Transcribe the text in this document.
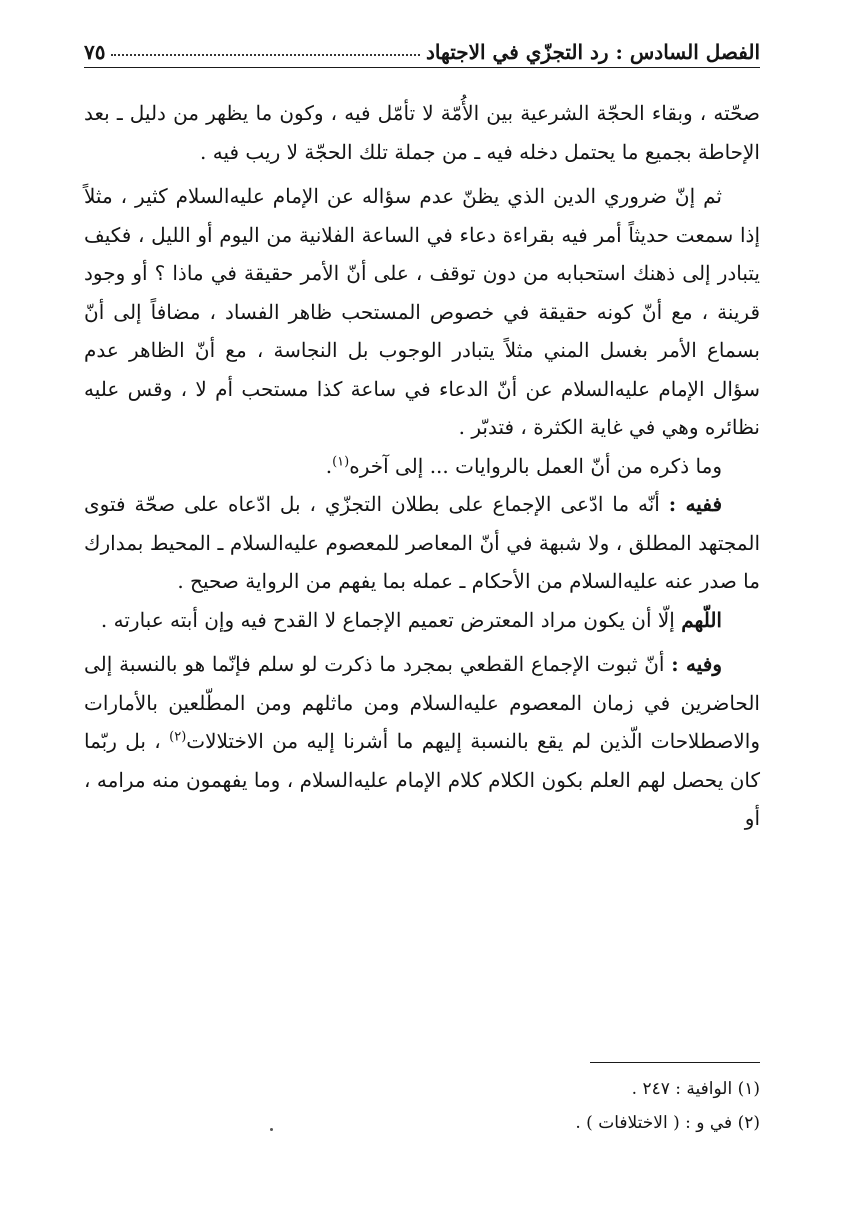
الفصل السادس : رد التجزّي في الاجتهاد
٧٥

صحّته ، وبقاء الحجّة الشرعية بين الأُمّة لا تأمّل فيه ، وكون ما يظهر من دليل ـ بعد الإحاطة بجميع ما يحتمل دخله فيه ـ من جملة تلك الحجّة لا ريب فيه .

ثم إنّ ضروري الدين الذي يظنّ عدم سؤاله عن الإمام عليه‌السلام كثير ، مثلاً إذا سمعت حديثاً أمر فيه بقراءة دعاء في الساعة الفلانية من اليوم أو الليل ، فكيف يتبادر إلى ذهنك استحبابه من دون توقف ، على أنّ الأمر حقيقة في ماذا ؟ أو وجود قرينة ، مع أنّ كونه حقيقة في خصوص المستحب ظاهر الفساد ، مضافاً إلى أنّ بسماع الأمر بغسل المني مثلاً يتبادر الوجوب بل النجاسة ، مع أنّ الظاهر عدم سؤال الإمام عليه‌السلام عن أنّ الدعاء في ساعة كذا مستحب أم لا ، وقس عليه نظائره وهي في غاية الكثرة ، فتدبّر .

وما ذكره من أنّ العمل بالروايات ... إلى آخره$^{(١)}$.

ففيه : أنّه ما ادّعى الإجماع على بطلان التجزّي ، بل ادّعاه على صحّة فتوى المجتهد المطلق ، ولا شبهة في أنّ المعاصر للمعصوم عليه‌السلام ـ المحيط بمدارك ما صدر عنه عليه‌السلام من الأحكام ـ عمله بما يفهم من الرواية صحيح .

اللّهم إلّا أن يكون مراد المعترض تعميم الإجماع لا القدح فيه وإن أبته عبارته .

وفيه : أنّ ثبوت الإجماع القطعي بمجرد ما ذكرت لو سلم فإنّما هو بالنسبة إلى الحاضرين في زمان المعصوم عليه‌السلام ومن ماثلهم ومن المطّلعين بالأمارات والاصطلاحات الّذين لم يقع بالنسبة إليهم ما أشرنا إليه من الاختلالات$^{(٢)}$ ، بل ربّما كان يحصل لهم العلم بكون الكلام كلام الإمام عليه‌السلام ، وما يفهمون منه مرامه ، أو

(١) الوافية : ٢٤٧ .

(٢) في و : ( الاختلافات ) .
